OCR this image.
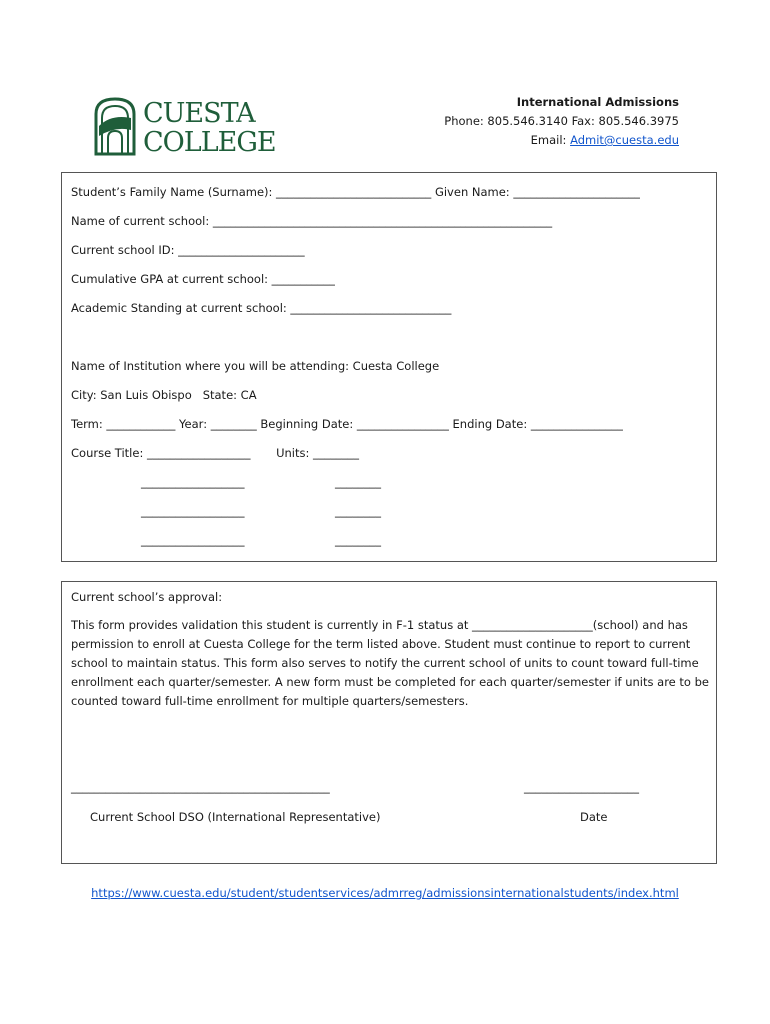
CUESTA
COLLEGE
International Admissions
Phone: 805.546.3140 Fax: 805.546.3975
Email: Admit@cuesta.edu
Student’s Family Name (Surname): ___________________________ Given Name: ______________________
Name of current school: ___________________________________________________________
Current school ID: ______________________
Cumulative GPA at current school: ___________
Academic Standing at current school: ____________________________
Name of Institution where you will be attending: Cuesta College
City: San Luis Obispo   State: CA
Term: ____________ Year: ________ Beginning Date: ________________ Ending Date: ________________
Course Title: __________________       Units: ________
__________________	________
__________________	________
__________________	________
Current school’s approval:
This form provides validation this student is currently in F-1 status at _____________________(school) and has permission to enroll at Cuesta College for the term listed above. Student must continue to report to current school to maintain status. This form also serves to notify the current school of units to count toward full-time enrollment each quarter/semester. A new form must be completed for each quarter/semester if units are to be counted toward full-time enrollment for multiple quarters/semesters.
_____________________________________________	____________________
Current School DSO (International Representative)	Date
https://www.cuesta.edu/student/studentservices/admrreg/admissionsinternationalstudents/index.html
